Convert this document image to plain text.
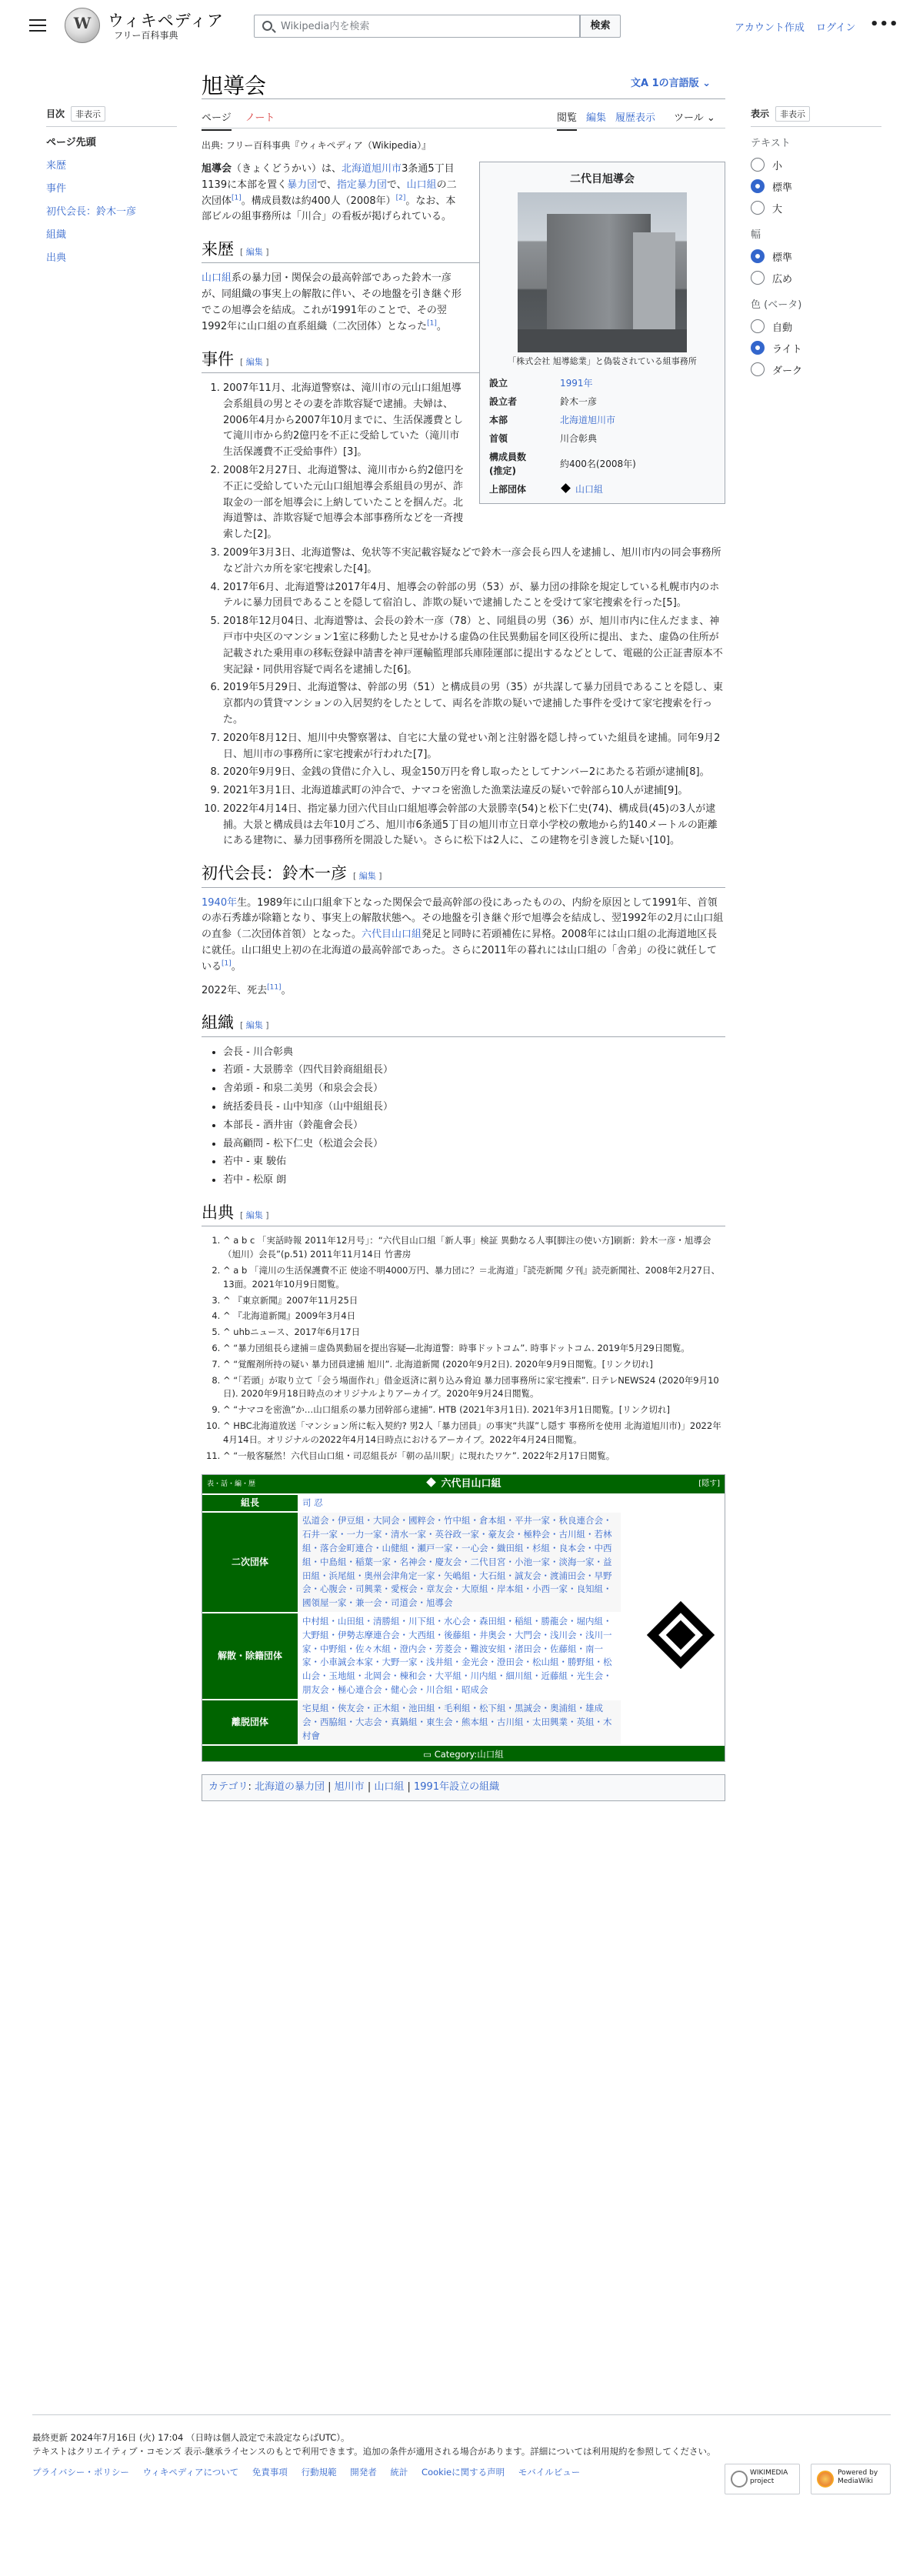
W	ウィキペディア
フリー百科事典
Wikipedia内を検索
検索	アカウント作成 ログイン •••
目次 非表示
ページ先頭
来歴
事件
初代会長：鈴木一彦
組織
出典
旭導会	文A 1の言語版 ⌄
ページ ノート	閲覧 編集 履歴表示 ツール ⌄
出典: フリー百科事典『ウィキペディア（Wikipedia）』
表示 非表示
テキスト
小
標準
大
幅
標準
広め
色 (ベータ)
自動
ライト
ダーク
二代目旭導会
「株式会社 旭導総業」と偽装されている組事務所
設立	1991年
設立者	鈴木一彦
本部	北海道旭川市
首領	川合彰典
構成員数
(推定)	約400名(2008年)
上部団体	山口組

旭導会（きょくどうかい）は、北海道旭川市3条通5丁目1139に本部を置く暴力団で、指定暴力団で、山口組の二次団体[1]。構成員数は約400人（2008年）[2]。なお、本部ビルの組事務所は「川合」の看板が掲げられている。

来歴 [ 編集 ]

山口組系の暴力団・関保会の最高幹部であった鈴木一彦が、同組織の事実上の解散に伴い、その地盤を引き継ぐ形でこの旭導会を結成。これが1991年のことで、その翌1992年に山口組の直系組織（二次団体）となった[1]。

事件 [ 編集 ]
1. 2007年11月、北海道警察は、滝川市の元山口組旭導会系組員の男とその妻を詐欺容疑で逮捕。夫婦は、2006年4月から2007年10月までに、生活保護費として滝川市から約2億円を不正に受給していた（滝川市生活保護費不正受給事件）[3]。
2. 2008年2月27日、北海道警は、滝川市から約2億円を不正に受給していた元山口組旭導会系組員の男が、詐取金の一部を旭導会に上納していたことを掴んだ。北海道警は、詐欺容疑で旭導会本部事務所などを一斉捜索した[2]。
3. 2009年3月3日、北海道警は、免状等不実記載容疑などで鈴木一彦会長ら四人を逮捕し、旭川市内の同会事務所など計六カ所を家宅捜索した[4]。
4. 2017年6月、北海道警は2017年4月、旭導会の幹部の男（53）が、暴力団の排除を規定している札幌市内のホテルに暴力団員であることを隠して宿泊し、詐欺の疑いで逮捕したことを受けて家宅捜索を行った[5]。
5. 2018年12月04日、北海道警は、会長の鈴木一彦（78）と、同組員の男（36）が、旭川市内に住んだまま、神戸市中央区のマンション1室に移動したと見せかける虚偽の住民異動届を同区役所に提出、また、虚偽の住所が記載された乗用車の移転登録申請書を神戸運輸監理部兵庫陸運部に提出するなどとして、電磁的公正証書原本不実記録・同供用容疑で両名を逮捕した[6]。
6. 2019年5月29日、北海道警は、幹部の男（51）と構成員の男（35）が共謀して暴力団員であることを隠し、東京都内の賃貸マンションの入居契約をしたとして、両名を詐欺の疑いで逮捕した事件を受けて家宅捜索を行った。
7. 2020年8月12日、旭川中央警察署は、自宅に大量の覚せい剤と注射器を隠し持っていた組員を逮捕。同年9月2日、旭川市の事務所に家宅捜索が行われた[7]。
8. 2020年9月9日、金銭の貸借に介入し、現金150万円を脅し取ったとしてナンバー2にあたる若頭が逮捕[8]。
9. 2021年3月1日、北海道雄武町の沖合で、ナマコを密漁した漁業法違反の疑いで幹部ら10人が逮捕[9]。
10. 2022年4月14日、指定暴力団六代目山口組旭導会幹部の大景勝幸(54)と松下仁史(74)、構成員(45)の3人が逮捕。大景と構成員は去年10月ごろ、旭川市6条通5丁目の旭川市立日章小学校の敷地から約140メートルの距離にある建物に、暴力団事務所を開設した疑い。さらに松下は2人に、この建物を引き渡した疑い[10]。
初代会長：鈴木一彦 [ 編集 ]

1940年生。1989年に山口組傘下となった関保会で最高幹部の役にあったものの、内紛を原因として1991年、首領の赤石秀雄が除籍となり、事実上の解散状態へ。その地盤を引き継ぐ形で旭導会を結成し、翌1992年の2月に山口組の直参（二次団体首領）となった。六代目山口組発足と同時に若頭補佐に昇格。2008年には山口組の北海道地区長に就任。山口組史上初の在北海道の最高幹部であった。さらに2011年の暮れには山口組の「舎弟」の役に就任している[1]。

2022年、死去[11]。

組織 [ 編集 ]
• 会長 - 川合彰典
• 若頭 - 大景勝幸（四代目鈴商組組長）
• 舎弟頭 - 和泉二美男（和泉会会長）
• 統括委員長 - 山中知彦（山中組組長）
• 本部長 - 酒井宙（鈴龍會会長）
• 最高顧問 - 松下仁史（松道会会長）
• 若中 - 東 駿佑
• 若中 - 松原 朗
出典 [ 編集 ]
1. ^ a b c 「実話時報 2011年12月号」：“六代目山口組「新人事」検証 異動なる人事[脚注の使い方]刷新：鈴木一彦・旭導会（旭川）会長”(p.51) 2011年11月14日 竹書房
2. ^ a b 「滝川の生活保護費不正 使途不明4000万円、暴力団に？＝北海道」『読売新聞 夕刊』読売新聞社、2008年2月27日、13面。2021年10月9日閲覧。
3. ^ 『東京新聞』2007年11月25日
4. ^ 『北海道新聞』2009年3月4日
5. ^ uhbニュース、2017年6月17日
6. ^ “暴力団組長ら逮捕＝虚偽異動届を提出容疑―北海道警：時事ドットコム”. 時事ドットコム. 2019年5月29日閲覧。
7. ^ “覚醒剤所持の疑い 暴力団員逮捕 旭川”. 北海道新聞 (2020年9月2日). 2020年9月9日閲覧。[リンク切れ]
8. ^ “「若頭」が取り立て「会う場面作れ」借金返済に割り込み脅迫 暴力団事務所に家宅捜索”. 日テレNEWS24 (2020年9月10日). 2020年9月18日時点のオリジナルよりアーカイブ。2020年9月24日閲覧。
9. ^ “ナマコを密漁”か…山口組系の暴力団幹部ら逮捕”. HTB (2021年3月1日). 2021年3月1日閲覧。[リンク切れ]
10. ^ HBC北海道放送「マンション所に転入契約? 男2人「暴力団員」の事実“共謀”し隠す 事務所を使用 北海道旭川市)」2022年4月14日。オリジナルの2022年4月14日時点におけるアーカイブ。2022年4月24日閲覧。
11. ^ “一般客騒然！六代目山口組・司忍組長が「朝の品川駅」に現れたワケ”. 2022年2月17日閲覧。
表・話・編・歴	六代目山口組	[隠す]
組長	司 忍
二次団体
弘道会・伊豆組・大同会・國粹会・竹中組・倉本組・平井一家・秋良連合会・石井一家・一力一家・清水一家・英谷政一家・豪友会・極粋会・古川組・若林組・落合金町連合・山健組・瀬戸一家・一心会・織田組・杉組・良本会・中西組・中島組・稲葉一家・名神会・慶友会・二代目宮・小池一家・淡海一家・益田組・浜尾組・奥州会津角定一家・矢嶋組・大石組・誠友会・渡浦田会・早野会・心腹会・司興業・愛桜会・章友会・大原組・岸本組・小西一家・良知組・國領屋一家・兼一会・司道会・旭導会
解散・除籍団体
中村組・山田組・清勝組・川下組・水心会・森田組・稲組・勝龍会・堀内組・大野組・伊勢志摩連合会・大西組・後藤組・井奥会・大門会・浅川会・浅川一家・中野組・佐々木組・澄内会・芳菱会・難波安組・渚田会・佐藤組・南一家・小車誠会本家・大野一家・浅井組・金光会・澄田会・松山組・勝野組・松山会・玉地組・北岡会・棟和会・大平組・川内組・細川組・近藤組・光生会・朋友会・極心連合会・健心会・川合組・昭成会
離脱団体
宅見組・俠友会・正木組・池田組・毛利組・松下組・黒誠会・奥浦組・雄成会・西脇組・大志会・真鍋組・東生会・熊本組・古川組・太田興業・英組・木村會
▭ Category:山口組
カテゴリ: 北海道の暴力団 | 旭川市 | 山口組 | 1991年設立の組織
最終更新 2024年7月16日 (火) 17:04 （日時は個人設定で未設定ならばUTC）。
テキストはクリエイティブ・コモンズ 表示-継承ライセンスのもとで利用できます。追加の条件が適用される場合があります。詳細については利用規約を参照してください。
プライバシー・ポリシー ウィキペディアについて 免責事項 行動規範 開発者 統計 Cookieに関する声明 モバイルビュー	WIKIMEDIA project
Powered by MediaWiki
